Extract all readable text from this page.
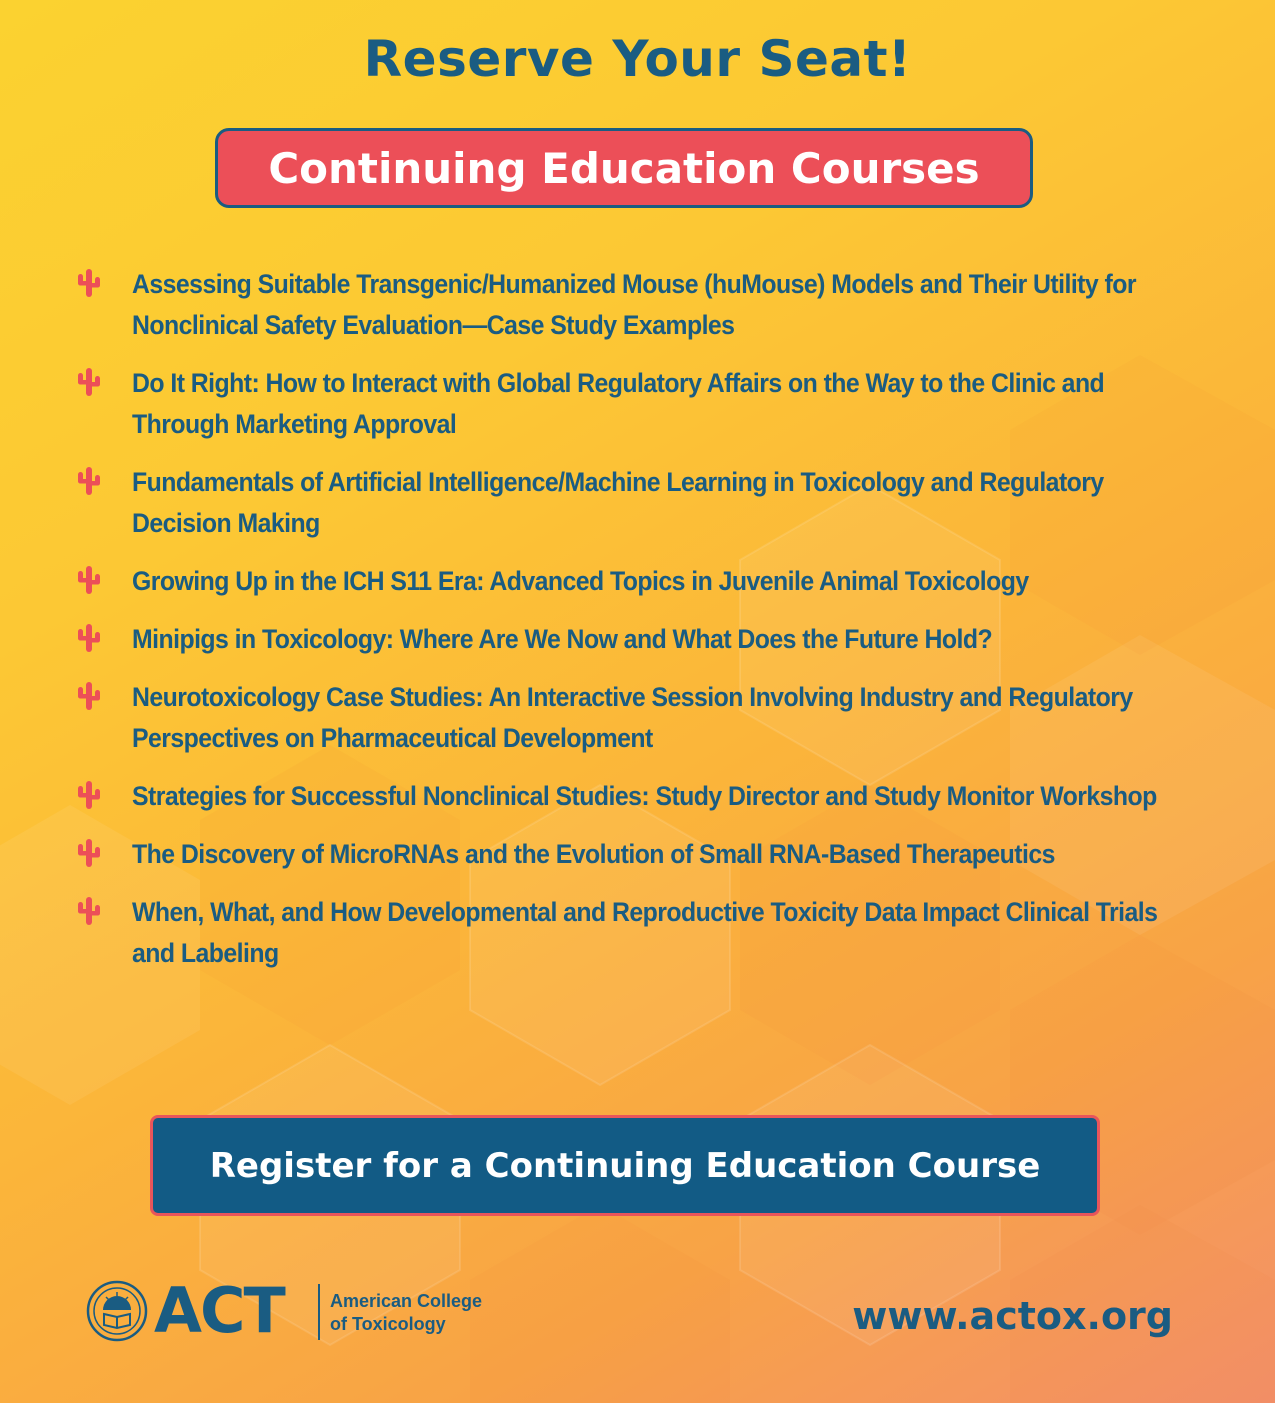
Reserve Your Seat!
Continuing Education Courses
Assessing Suitable Transgenic/Humanized Mouse (huMouse) Models and Their Utility for Nonclinical Safety Evaluation—Case Study Examples
Do It Right: How to Interact with Global Regulatory Affairs on the Way to the Clinic and Through Marketing Approval
Fundamentals of Artificial Intelligence/Machine Learning in Toxicology and Regulatory Decision Making
Growing Up in the ICH S11 Era: Advanced Topics in Juvenile Animal Toxicology
Minipigs in Toxicology: Where Are We Now and What Does the Future Hold?
Neurotoxicology Case Studies: An Interactive Session Involving Industry and Regulatory Perspectives on Pharmaceutical Development
Strategies for Successful Nonclinical Studies: Study Director and Study Monitor Workshop
The Discovery of MicroRNAs and the Evolution of Small RNA-Based Therapeutics
When, What, and How Developmental and Reproductive Toxicity Data Impact Clinical Trials and Labeling
Register for a Continuing Education Course
ACT	American College
of Toxicology	www.actox.org
